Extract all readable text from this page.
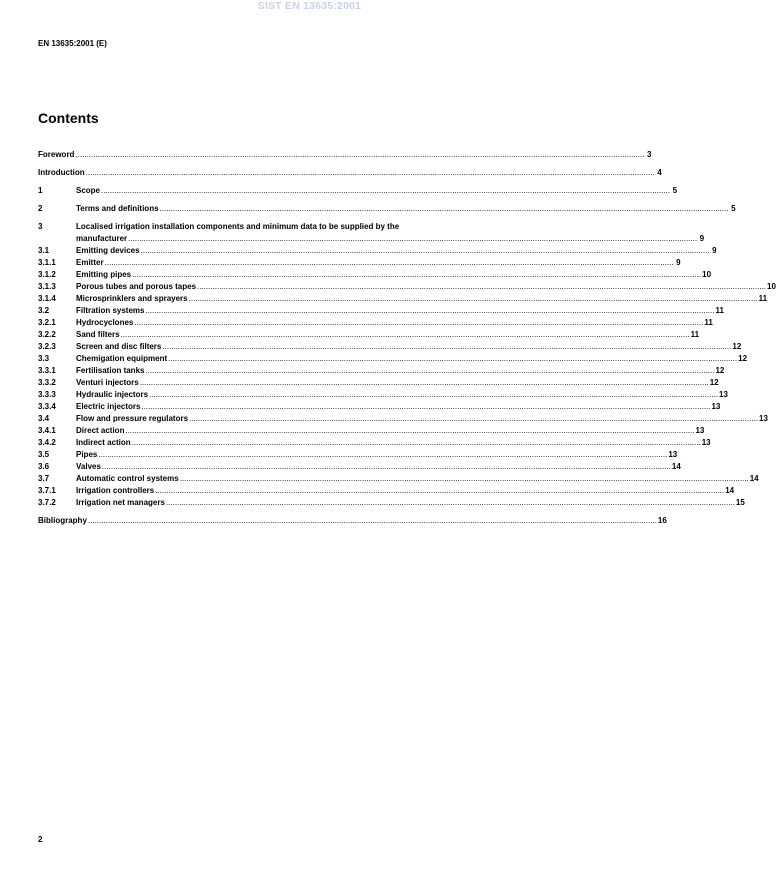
SIST EN 13635:2001
EN 13635:2001 (E)
Contents
Foreword .....	3
Introduction .....	4
1	Scope .....	5
2	Terms and definitions .....	5
3	Localised irrigation installation components and minimum data to be supplied by the
manufacturer .....	9
3.1	Emitting devices .....	9
3.1.1	Emitter .....	9
3.1.2	Emitting pipes .....	10
3.1.3	Porous tubes and porous tapes .....	10
3.1.4	Microsprinklers and sprayers .....	11
3.2	Filtration systems .....	11
3.2.1	Hydrocyclones .....	11
3.2.2	Sand filters .....	11
3.2.3	Screen and disc filters .....	12
3.3	Chemigation equipment .....	12
3.3.1	Fertilisation tanks .....	12
3.3.2	Venturi injectors .....	12
3.3.3	Hydraulic injectors .....	13
3.3.4	Electric injectors .....	13
3.4	Flow and pressure regulators .....	13
3.4.1	Direct action .....	13
3.4.2	Indirect action .....	13
3.5	Pipes .....	13
3.6	Valves .....	14
3.7	Automatic control systems .....	14
3.7.1	Irrigation controllers .....	14
3.7.2	Irrigation net managers .....	15
Bibliography .....	16
2
